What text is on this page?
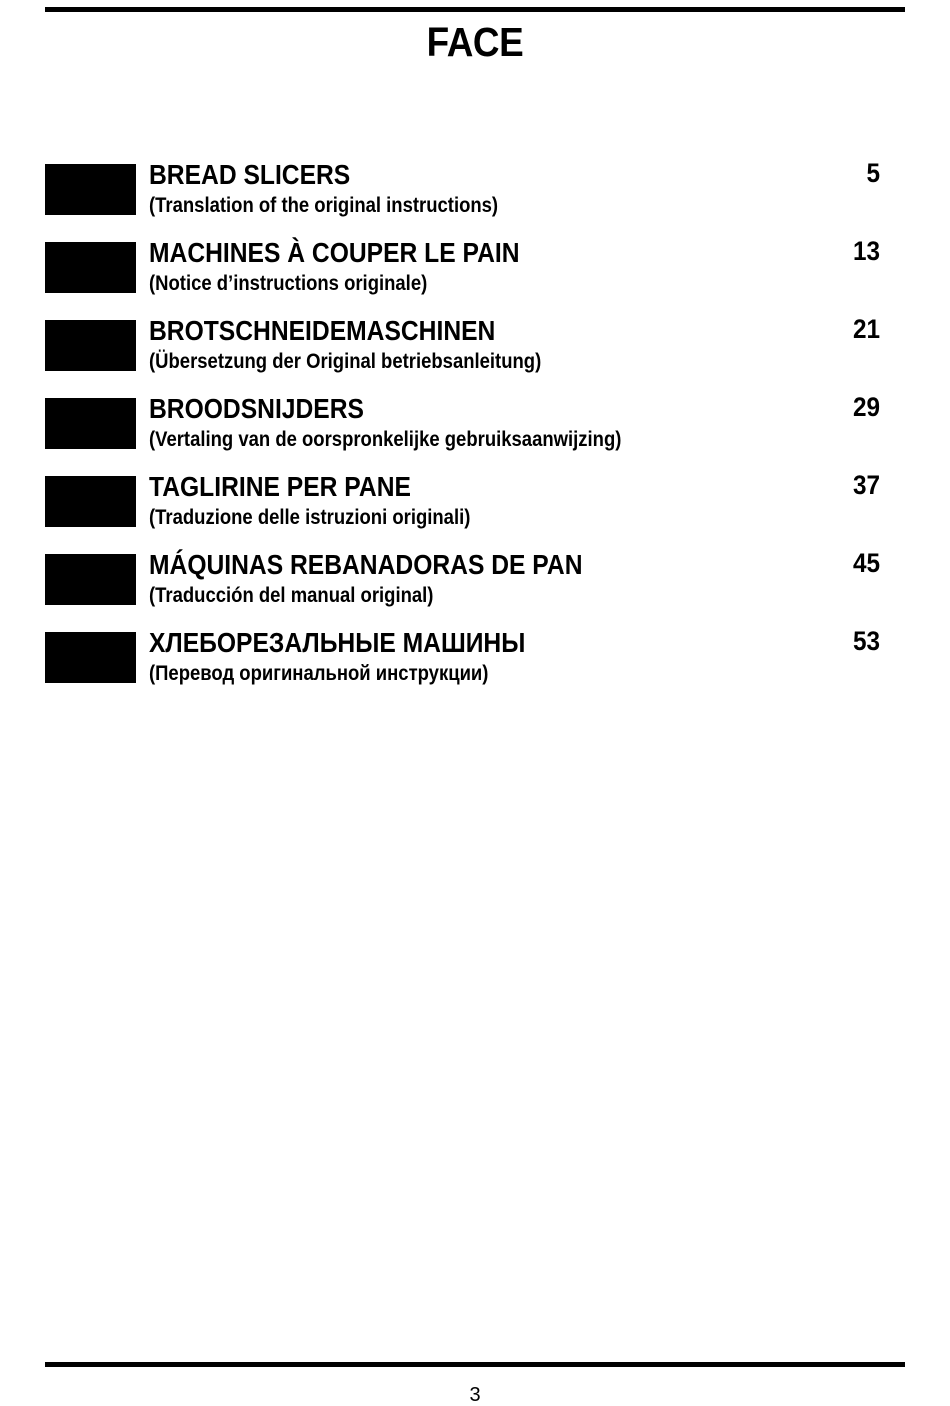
FACE
BREAD SLICERS
(Translation of the original instructions)
5
MACHINES À COUPER LE PAIN
(Notice d’instructions originale)
13
BROTSCHNEIDEMASCHINEN
(Übersetzung der Original betriebsanleitung)
21
BROODSNIJDERS
(Vertaling van de oorspronkelijke gebruiksaanwijzing)
29
TAGLIRINE PER PANE
(Traduzione delle istruzioni originali)
37
MÁQUINAS REBANADORAS DE PAN
(Traducción del manual original)
45
ХЛЕБОРЕЗАЛЬНЫЕ МАШИНЫ
(Перевод оригинальной инструкции)
53
3
